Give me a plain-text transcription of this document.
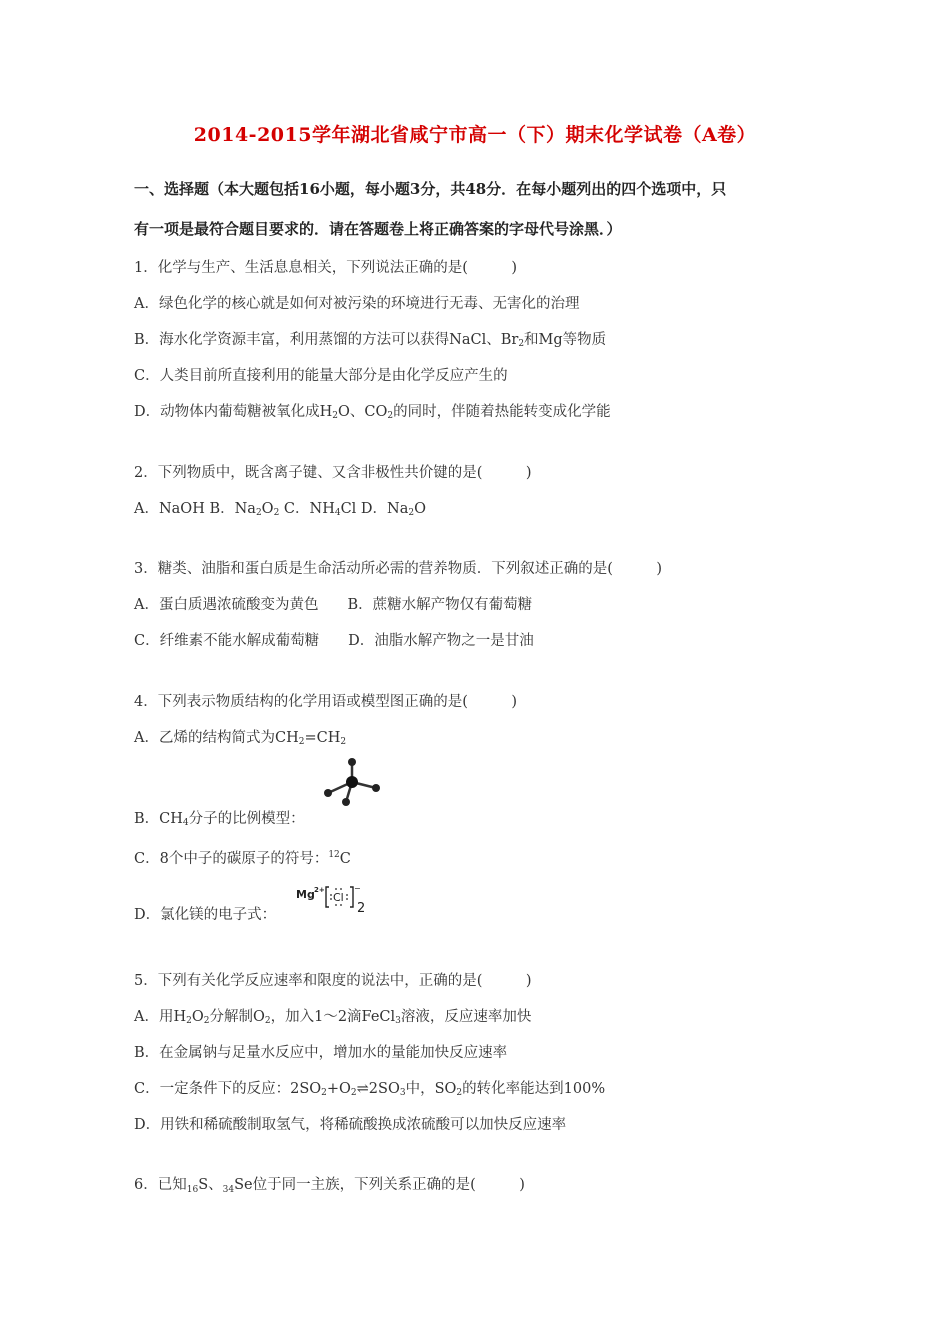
2014-2015学年湖北省咸宁市高一（下）期末化学试卷（A卷）
一、选择题（本大题包括16小题，每小题3分，共48分．在每小题列出的四个选项中，只
有一项是最符合题目要求的．请在答题卷上将正确答案的字母代号涂黑．）
1．化学与生产、生活息息相关，下列说法正确的是(　　　)
A．绿色化学的核心就是如何对被污染的环境进行无毒、无害化的治理
B．海水化学资源丰富，利用蒸馏的方法可以获得NaCl、$Br_2$和Mg等物质
C．人类目前所直接利用的能量大部分是由化学反应产生的
D．动物体内葡萄糖被氧化成$H_2O$、$CO_2$的同时，伴随着热能转变成化学能
2．下列物质中，既含离子键、又含非极性共价键的是(　　　)
A．NaOH B．$Na_2O_2$ C．$NH_4Cl$ D．$Na_2O$
3．糖类、油脂和蛋白质是生命活动所必需的营养物质．下列叙述正确的是(　　　)
A．蛋白质遇浓硫酸变为黄色　　B．蔗糖水解产物仅有葡萄糖
C．纤维素不能水解成葡萄糖　　D．油脂水解产物之一是甘油
4．下列表示物质结构的化学用语或模型图正确的是(　　　)
A．乙烯的结构简式为$CH_2=CH_2$
B．$CH_4$分子的比例模型：
C．8个中子的碳原子的符号：$^{12}$C
D．氯化镁的电子式：
Mg 2+
Cl
−
2
5．下列有关化学反应速率和限度的说法中，正确的是(　　　)
A．用$H_2O_2$分解制$O_2$，加入1～2滴FeCl$_3$溶液，反应速率加快
B．在金属钠与足量水反应中，增加水的量能加快反应速率
C．一定条件下的反应：$2SO_2+O_2\rightleftharpoons 2SO_3$中，$SO_2$的转化率能达到100%
D．用铁和稀硫酸制取氢气，将稀硫酸换成浓硫酸可以加快反应速率
6．已知$_{16}$S、$_{34}$Se位于同一主族，下列关系正确的是(　　　)
